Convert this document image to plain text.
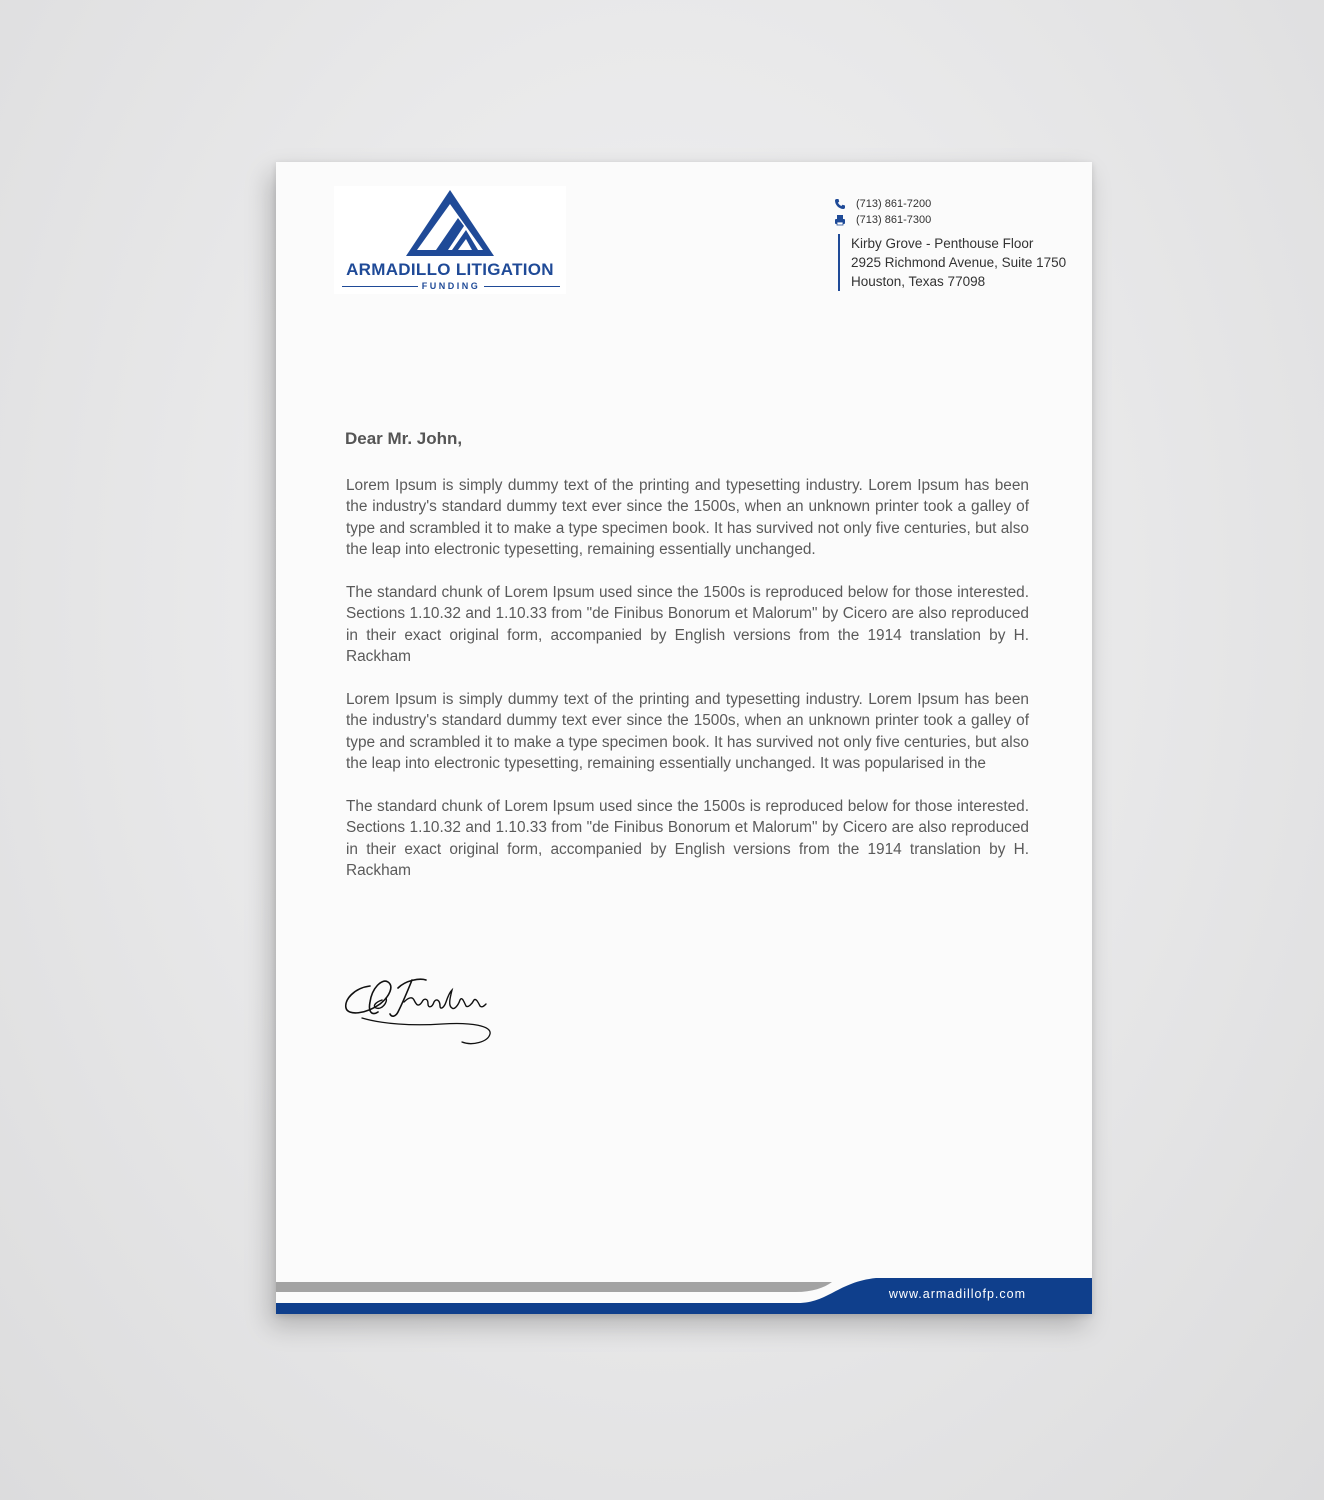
ARMADILLO LITIGATION
FUNDING
(713) 861-7200
(713) 861-7300
Kirby Grove - Penthouse Floor
2925 Richmond Avenue, Suite 1750
Houston, Texas 77098
Dear Mr. John,

Lorem Ipsum is simply dummy text of the printing and typesetting industry. Lorem Ipsum has been the industry's standard dummy text ever since the 1500s, when an unknown printer took a galley of type and scrambled it to make a type specimen book. It has survived not only five centuries, but also the leap into electronic typesetting, remaining essentially unchanged.

The standard chunk of Lorem Ipsum used since the 1500s is reproduced below for those interested. Sections 1.10.32 and 1.10.33 from "de Finibus Bonorum et Malorum" by Cicero are also reproduced in their exact original form, accompanied by English versions from the 1914 translation by H. Rackham

Lorem Ipsum is simply dummy text of the printing and typesetting industry. Lorem Ipsum has been the industry's standard dummy text ever since the 1500s, when an unknown printer took a galley of type and scrambled it to make a type specimen book. It has survived not only five centuries, but also the leap into electronic typesetting, remaining essentially unchanged. It was popularised in the

The standard chunk of Lorem Ipsum used since the 1500s is reproduced below for those interested. Sections 1.10.32 and 1.10.33 from "de Finibus Bonorum et Malorum" by Cicero are also reproduced in their exact original form, accompanied by English versions from the 1914 translation by H. Rackham

www.armadillofp.com
